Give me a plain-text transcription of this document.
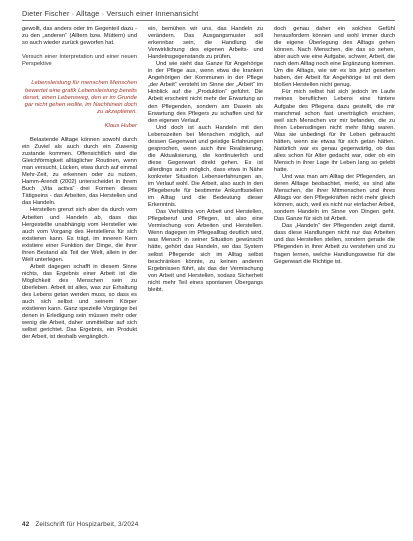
Dieter Fischer · Alltage · Versuch einer Innenansicht

gewollt, das anders oder im Gegenteil dazu - zu den „anderen“ (Alltern bzw. Müttern) und so auch wieder zurück geworfen hat.

Versuch einer Interpretation und einer neuen Perspektive

Lebensleistung für menschen Menschen bewertet eine grafik Lebensleistung bereits derart, einen Lebensweg, den er im Grunde gar nicht gehen wollte, im Nachhinein doch zu akzeptieren.
Klaus Huber

Belastende Alltage können sowohl durch ein Zuviel als auch durch ein Zuwenig zustande kommen. Offensichtlich wird die Gleichförmigkeit alltäglicher Routinen, wenn man versucht, Lücken, etwa durch auf einmal Mehr-Zeit, zu erkennen oder zu nutzen, Hamm-Arendt (2002) unterscheidet in ihrem Buch „Vita activa“ drei Formen dieses Tätigseins - das Arbeiten, das Herstellen und das Handeln.

Herstellen grenzt sich aber da durch vom Arbeiten und Handeln ab, dass das Hergestellte unabhängig vom Hersteller wie auch vom Vorgang des Herstellens für sich existieren kann. Es trägt, im inneren Kern existiere einer Funktion der Dinge, die ihrer ihren Bestand als Teil der Welt, allein in der Welt unterlegen.

Arbeit dagegen schafft in diesem Sinne nichts, das Ergebnis einer Arbeit ist die Möglichkeit des Menschen sein zu überleben. Arbeit ist alles, was zur Erhaltung des Lebens getan werden muss, so dass es auch sich selbst und seinem Körper existieren kann. Ganz spezielle Vorgänge bei denen in Erledigung sein müssen mehr oder wenig die Arbeit, daher unmittelbar auf sich selbst gerichtet. Das Ergebnis, ein Produkt der Arbeit, ist deshalb vergänglich.

ein, bemühen wir uns, das Handeln zu verändern. Das Ausgangsmuster soll erkennbar sein, die Handlung die Verwirklichung des eigenen Arbeits- und Handelnsgegenstands zu prüfen.

Und wie sieht das Ganze für Angehörige in der Pflege aus, wenn etwa die kranken Angehörigen der Kommunen in der Pflege „der Arbeit“ versteht im Sinne der „Arbeit“ im Hinblick auf die „Produktion“ geführt. Die Arbeit erscheint nicht mehr der Erwartung an den Pflegenden, sondern am Dasein als Erwartung des Pflegers zu schaffen und für den eigenen Verlauf.

Und doch ist auch Handeln mit den Lebenszeiten bei Menschen möglich, auf dessen Gegenwart und geistige Erfahrungen gesprochen, wenn auch ihre Realisierung, die Aktualisierung, die kontinuierlich und diese Gegenwart direkt gehen. Es ist allerdings auch möglich, dass etwa in Nähe konkreter Situation Lebenserfahrungen an, im Verlauf wohl. Die Arbeit, also auch in den Pflegeberufe für bestimmte Ankunftsstellen im Alltag und die Bedeutung dieser Erkenntnis.

Das Verhältnis von Arbeit und Herstellen, Pflegeberuf und Pflegen, ist also eine Vermischung von Arbeiten und Herstellen. Wenn dagegen im Pflegealltag deutlich wird, was Mensch in seiner Situation gewünscht hätte, gehört das Handeln, wo das System selbst Pflegende sich im Alltag selbst beschränken könnte, zu keinen anderen Ergebnissen führt, als das der Vermischung von Arbeit und Herstellen, sodass Sicherheit nicht mehr Teil eines spontanen Übergangs bleibt.

doch genau daher ein solches Gefühl herausfordern können und wohl immer durch die eigene Überlegung des Alltags gehen können. Nach Menschen, die das so sehen, aber auch wie eine Aufgabe, schwer, Arbeit, die nach dem Alltag noch eine Ergänzung kommen. Um die Alltags, wie wir es bis jetzt gesehen haben, der Arbeit für Angehörige ist mit dem bloßen Herstellen nicht genug.

Für mich selbst hat sich jedoch im Laufe meines beruflichen Lebens eine hintere Aufgabe des Pflegens dazu gestellt, die mir manchmal schon fast unerträglich erschien, weil sich Menschen vor mir befanden, die zu ihren Lebensdingen nicht mehr fähig waren. Was sie unbedingt für ihr Leben gebraucht hätten, wenn sie etwas für sich getan hätten. Natürlich war es genau gegenwärtig, ob das alles schon für Alter gedacht war, oder ob ein Mensch in ihrer Lage ihr Leben lang so gelebt hatte.

Und was man am Alltag der Pflegenden, an deren Alltage beobachtet, merkt, es sind alte Menschen, die ihrer Mitmenschen und ihres Alltags vor den Pflegekräften nicht mehr gleich können, auch, weil es nicht nur einfacher Arbeit, sondern Handeln im Sinne von Dingen geht. Das Ganze für sich ist Arbeit.

Das „Handeln“ der Pflegenden zeigt damit, dass diese Handlungen nicht nur das Arbeiten und das Herstellen stellen, sondern gerade die Pflegenden in ihrer Arbeit zu verstehen und zu fragen lernen, welche Handlungsweise für die Gegenwart die Richtige ist.

42 Zeitschrift für Hospizarbeit, 3/2024
